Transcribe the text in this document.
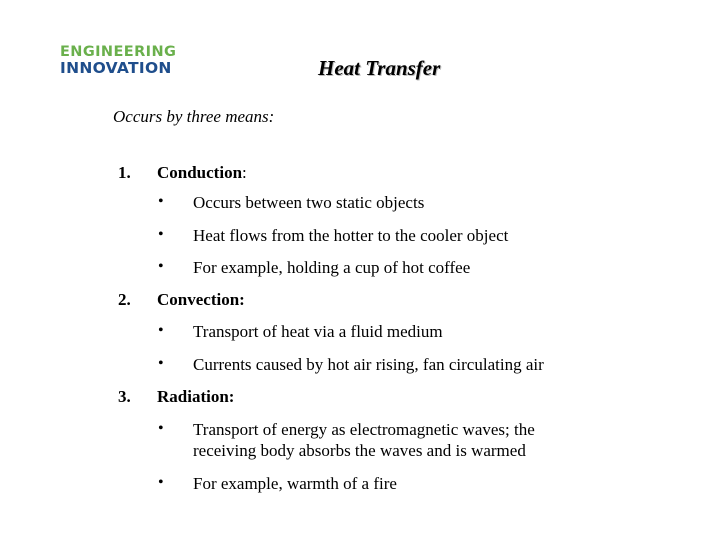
ENGINEERING
INNOVATION	Heat Transfer
Occurs by three means:
1. Conduction:
• Occurs between two static objects
• Heat flows from the hotter to the cooler object
• For example, holding a cup of hot coffee
2. Convection:
• Transport of heat via a fluid medium
• Currents caused by hot air rising, fan circulating air
3. Radiation:
• Transport of energy as electromagnetic waves; the receiving body absorbs the waves and is warmed
• For example, warmth of a fire
